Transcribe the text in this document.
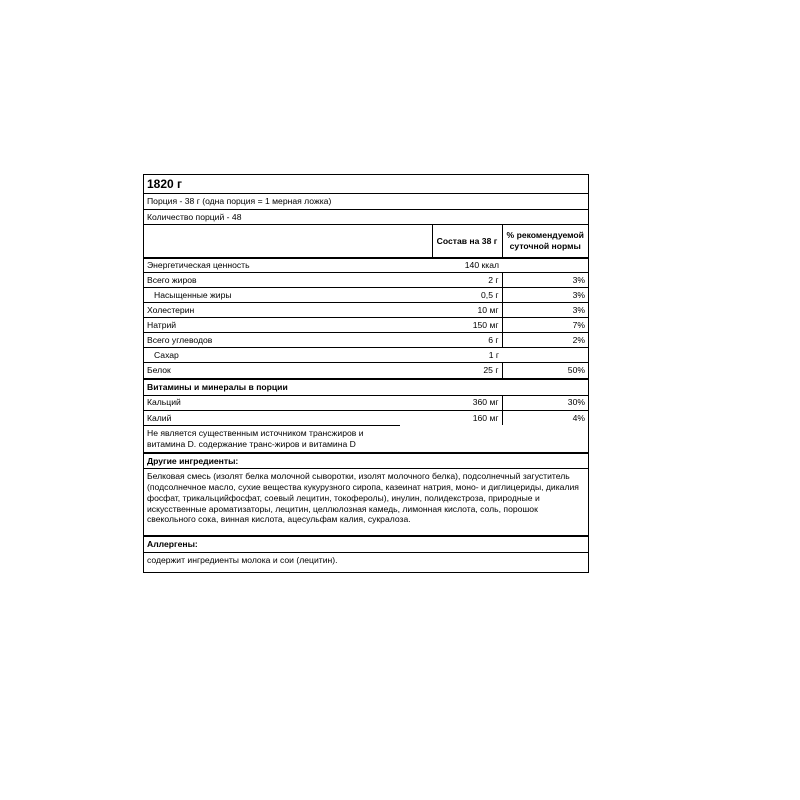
1820 г
Порция - 38 г (одна порция = 1 мерная ложка)
Количество порций - 48
	Состав на 38 г	% рекомендуемой суточной нормы
Энергетическая ценность	140 ккал	
Всего жиров	2 г	3%
Насыщенные жиры	0,5 г	3%
Холестерин	10 мг	3%
Натрий	150 мг	7%
Всего углеводов	6 г	2%
Сахар	1 г	
Белок	25 г	50%
Витамины и минералы в порции
Кальций	360 мг	30%
Калий	160 мг	4%
Не является существенным источником трансжиров и витамина D. содержание транс-жиров и витамина D
Другие ингредиенты:
Белковая смесь (изолят белка молочной сыворотки, изолят молочного белка), подсолнечный загуститель (подсолнечное масло, сухие вещества кукурузного сиропа, казеинат натрия, моно- и диглицериды, дикалия фосфат, трикальцийфосфат, соевый лецитин, токоферолы), инулин, полидекстроза, природные и искусственные ароматизаторы, лецитин, целлюлозная камедь, лимонная кислота, соль, порошок свекольного сока, винная кислота, ацесульфам калия, сукралоза.
Аллергены:
содержит ингредиенты молока и сои (лецитин).
